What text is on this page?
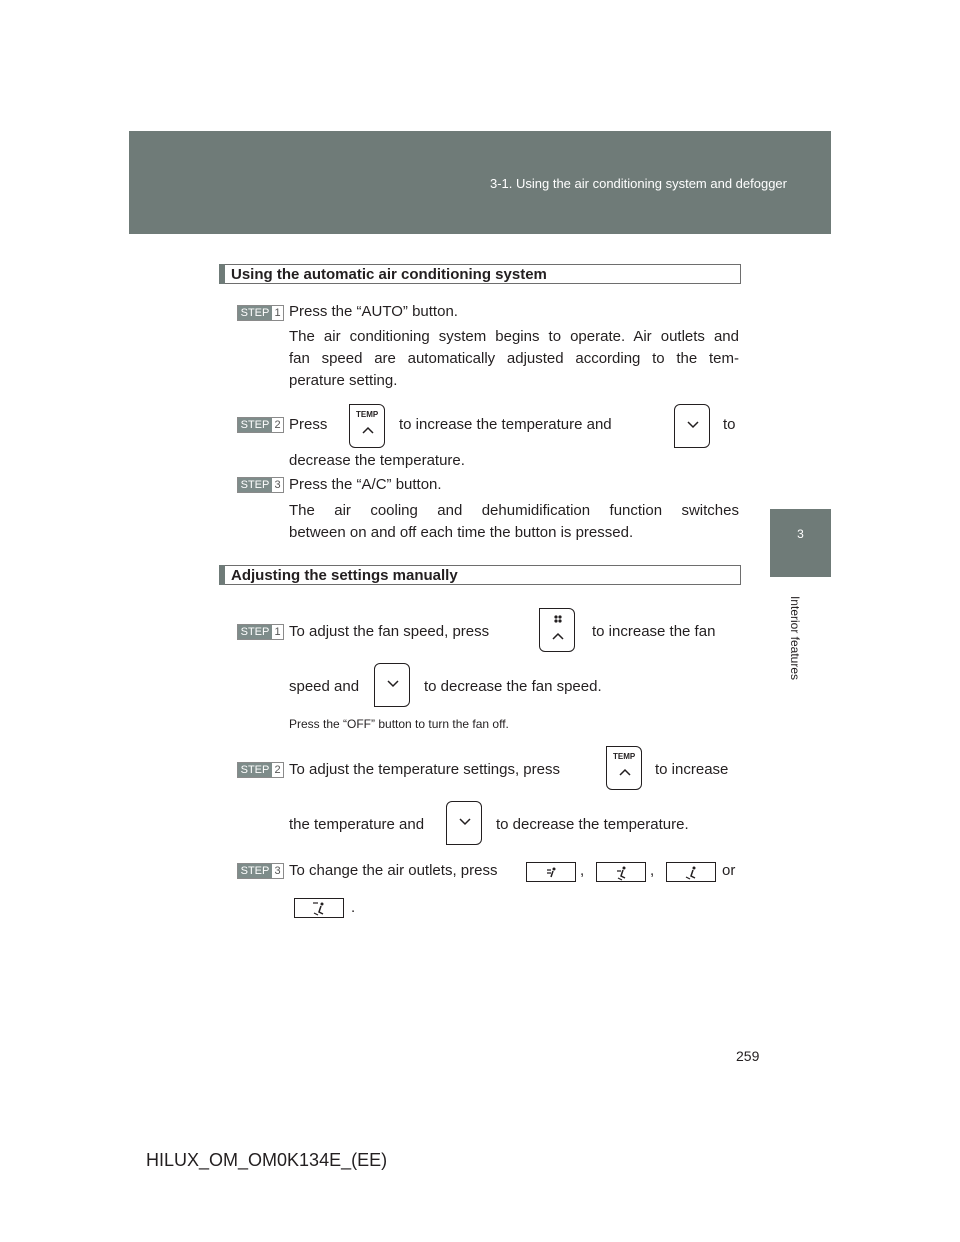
3-1. Using the air conditioning system and defogger
3
Interior features
Using the automatic air conditioning system
STEP 1 Press the “AUTO” button.
The air conditioning system begins to operate. Air outlets and
fan speed are automatically adjusted according to the tem-
perature setting.
STEP 2 Press
TEMP
to increase the temperature and	to
decrease the temperature.
STEP 3 Press the “A/C” button.
The air cooling and dehumidification function switches
between on and off each time the button is pressed.
Adjusting the settings manually
STEP 1 To adjust the fan speed, press	to increase the fan
speed and	to decrease the fan speed.
Press the “OFF” button to turn the fan off.
STEP 2 To adjust the temperature settings, press
TEMP
to increase
the temperature and	to decrease the temperature.
STEP 3 To change the air outlets, press	,	,	or
.
259
HILUX_OM_OM0K134E_(EE)
